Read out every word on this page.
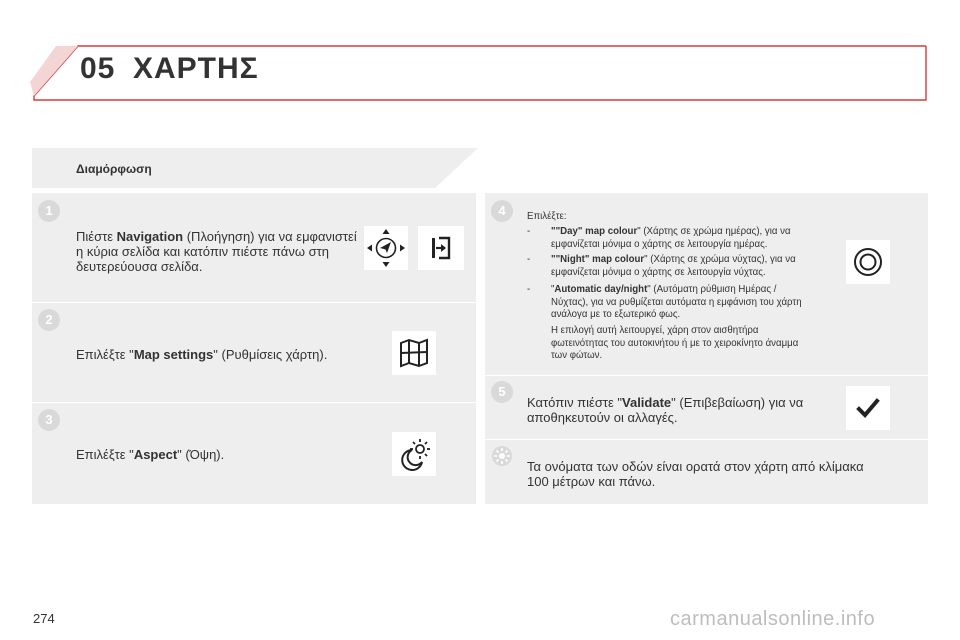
05 ΧΑΡΤΗΣ
Διαμόρφωση
1
Πιέστε Navigation (Πλοήγηση) για να εμφανιστεί η κύρια σελίδα και κατόπιν πιέστε πάνω στη δευτερεύουσα σελίδα.
2
Επιλέξτε "Map settings" (Ρυθμίσεις χάρτη).
3
Επιλέξτε "Aspect" (Όψη).
4	Επιλέξτε:
- ""Day" map colour" (Χάρτης σε χρώμα ημέρας), για να εμφανίζεται μόνιμα ο χάρτης σε λειτουργία ημέρας.
- ""Night" map colour" (Χάρτης σε χρώμα νύχτας), για να εμφανίζεται μόνιμα ο χάρτης σε λειτουργία νύχτας.
- "Automatic day/night" (Αυτόματη ρύθμιση Ημέρας / Νύχτας), για να ρυθμίζεται αυτόματα η εμφάνιση του χάρτη ανάλογα με το εξωτερικό φως.
Η επιλογή αυτή λειτουργεί, χάρη στον αισθητήρα φωτεινότητας του αυτοκινήτου ή με το χειροκίνητο άναμμα των φώτων.
5
Κατόπιν πιέστε "Validate" (Επιβεβαίωση) για να αποθηκευτούν οι αλλαγές.
Τα ονόματα των οδών είναι ορατά στον χάρτη από κλίμακα 100 μέτρων και πάνω.
274	carmanualsonline.info
